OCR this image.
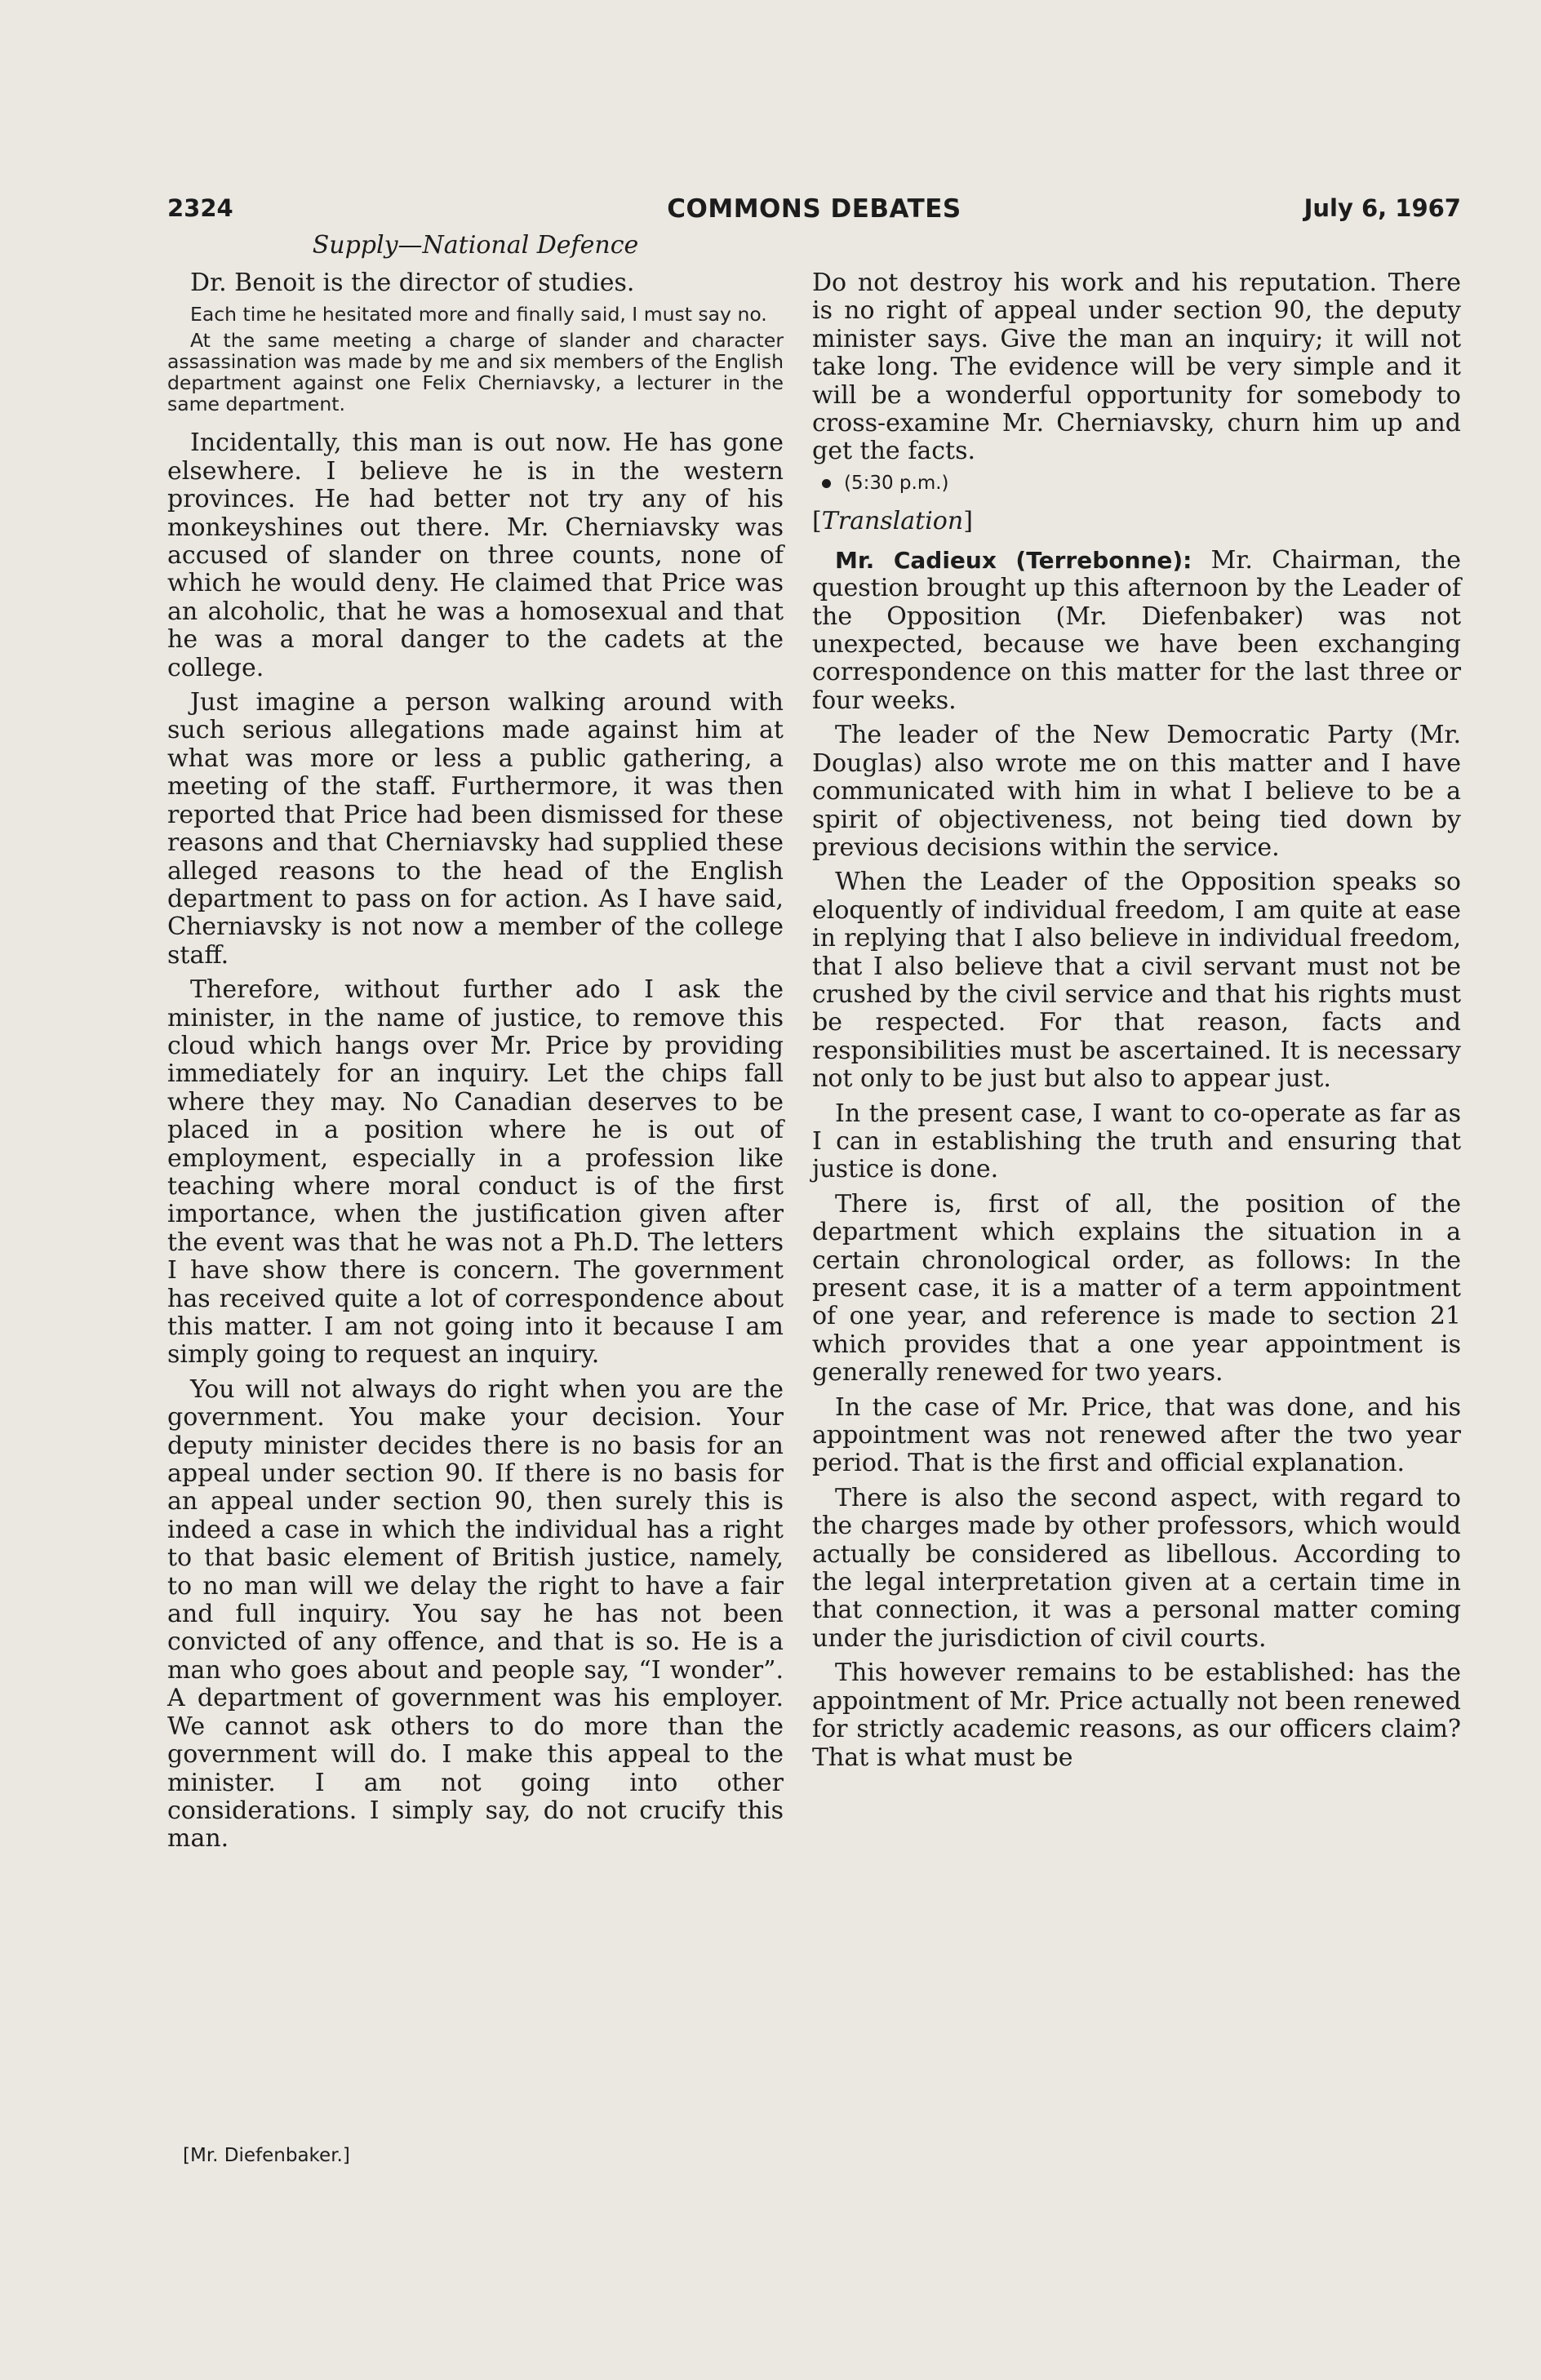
2324	COMMONS DEBATES	July 6, 1967
Supply—National Defence

Dr. Benoit is the director of studies.

Each time he hesitated more and finally said, I must say no.

At the same meeting a charge of slander and character assassination was made by me and six members of the English department against one Felix Cherniavsky, a lecturer in the same department.

Incidentally, this man is out now. He has gone elsewhere. I believe he is in the western provinces. He had better not try any of his monkeyshines out there. Mr. Cherniavsky was accused of slander on three counts, none of which he would deny. He claimed that Price was an alcoholic, that he was a homosexual and that he was a moral danger to the cadets at the college.

Just imagine a person walking around with such serious allegations made against him at what was more or less a public gathering, a meeting of the staff. Furthermore, it was then reported that Price had been dismissed for these reasons and that Cherniavsky had supplied these alleged reasons to the head of the English department to pass on for action. As I have said, Cherniavsky is not now a member of the college staff.

Therefore, without further ado I ask the minister, in the name of justice, to remove this cloud which hangs over Mr. Price by providing immediately for an inquiry. Let the chips fall where they may. No Canadian deserves to be placed in a position where he is out of employment, especially in a profession like teaching where moral conduct is of the first importance, when the justification given after the event was that he was not a Ph.D. The letters I have show there is concern. The government has received quite a lot of correspondence about this matter. I am not going into it because I am simply going to request an inquiry.

You will not always do right when you are the government. You make your decision. Your deputy minister decides there is no basis for an appeal under section 90. If there is no basis for an appeal under section 90, then surely this is indeed a case in which the individual has a right to that basic element of British justice, namely, to no man will we delay the right to have a fair and full inquiry. You say he has not been convicted of any offence, and that is so. He is a man who goes about and people say, “I wonder”. A department of government was his employer. We cannot ask others to do more than the government will do. I make this appeal to the minister. I am not going into other considerations. I simply say, do not crucify this man.

Do not destroy his work and his reputation. There is no right of appeal under section 90, the deputy minister says. Give the man an inquiry; it will not take long. The evidence will be very simple and it will be a wonderful opportunity for somebody to cross-examine Mr. Cherniavsky, churn him up and get the facts.

(5:30 p.m.)
[Translation]

Mr. Cadieux (Terrebonne): Mr. Chairman, the question brought up this afternoon by the Leader of the Opposition (Mr. Diefenbaker) was not unexpected, because we have been exchanging correspondence on this matter for the last three or four weeks.

The leader of the New Democratic Party (Mr. Douglas) also wrote me on this matter and I have communicated with him in what I believe to be a spirit of objectiveness, not being tied down by previous decisions within the service.

When the Leader of the Opposition speaks so eloquently of individual freedom, I am quite at ease in replying that I also believe in individual freedom, that I also believe that a civil servant must not be crushed by the civil service and that his rights must be respected. For that reason, facts and responsibilities must be ascertained. It is necessary not only to be just but also to appear just.

In the present case, I want to co-operate as far as I can in establishing the truth and ensuring that justice is done.

There is, first of all, the position of the department which explains the situation in a certain chronological order, as follows: In the present case, it is a matter of a term appointment of one year, and reference is made to section 21 which provides that a one year appointment is generally renewed for two years.

In the case of Mr. Price, that was done, and his appointment was not renewed after the two year period. That is the first and official explanation.

There is also the second aspect, with regard to the charges made by other professors, which would actually be considered as libellous. According to the legal interpretation given at a certain time in that connection, it was a personal matter coming under the jurisdiction of civil courts.

This however remains to be established: has the appointment of Mr. Price actually not been renewed for strictly academic reasons, as our officers claim? That is what must be

[Mr. Diefenbaker.]
